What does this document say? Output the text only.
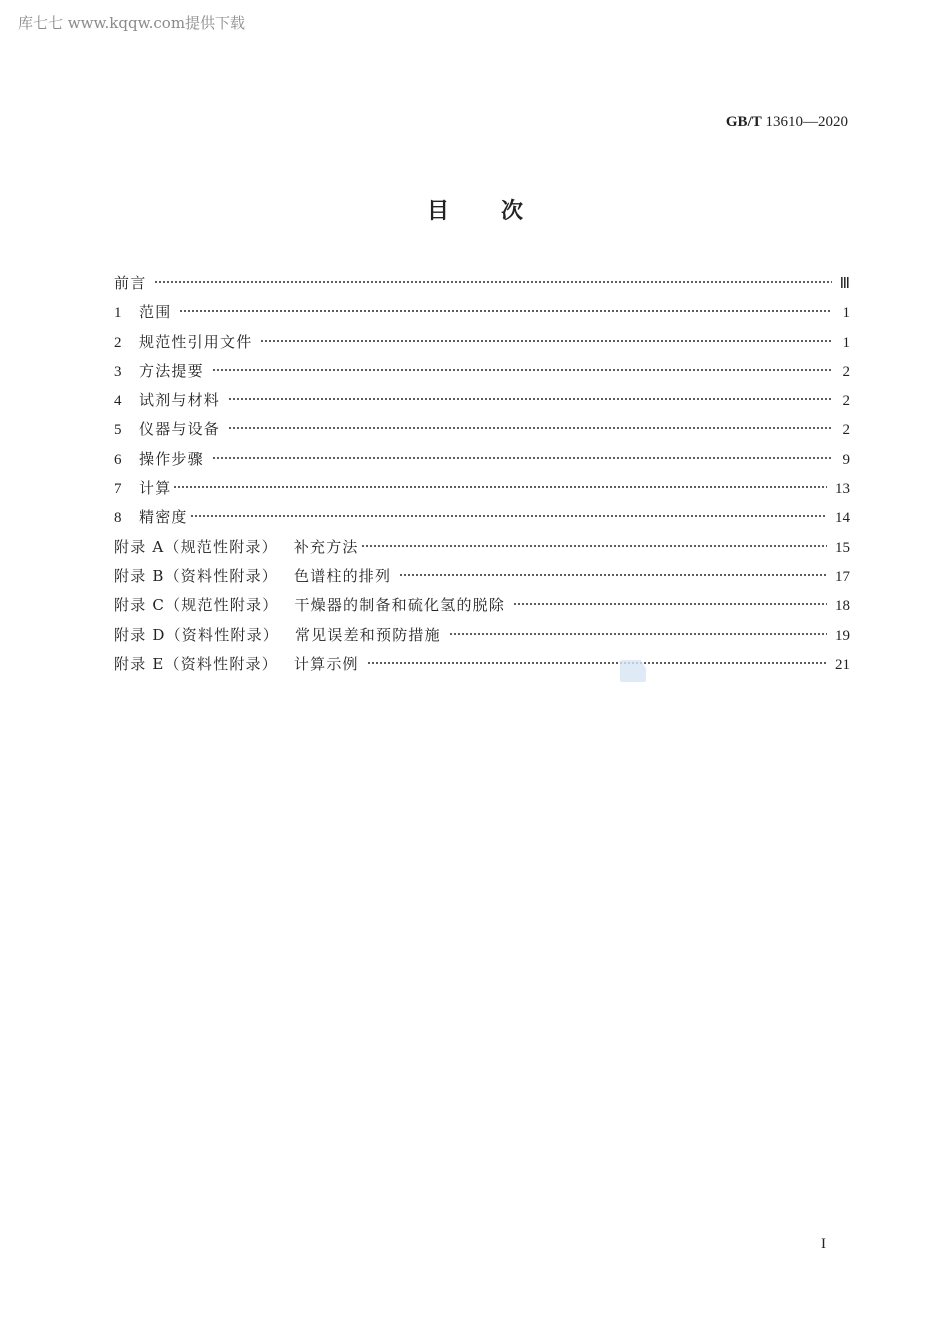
库七七 www.kqqw.com提供下载
GB/T 13610—2020
目次
前言	Ⅲ
1	范围	1
2	规范性引用文件	1
3	方法提要	2
4	试剂与材料	2
5	仪器与设备	2
6	操作步骤	9
7	计算	13
8	精密度	14
附录 A（规范性附录） 补充方法	15
附录 B（资料性附录） 色谱柱的排列	17
附录 C（规范性附录） 干燥器的制备和硫化氢的脱除	18
附录 D（资料性附录） 常见误差和预防措施	19
附录 E（资料性附录） 计算示例	21
I
